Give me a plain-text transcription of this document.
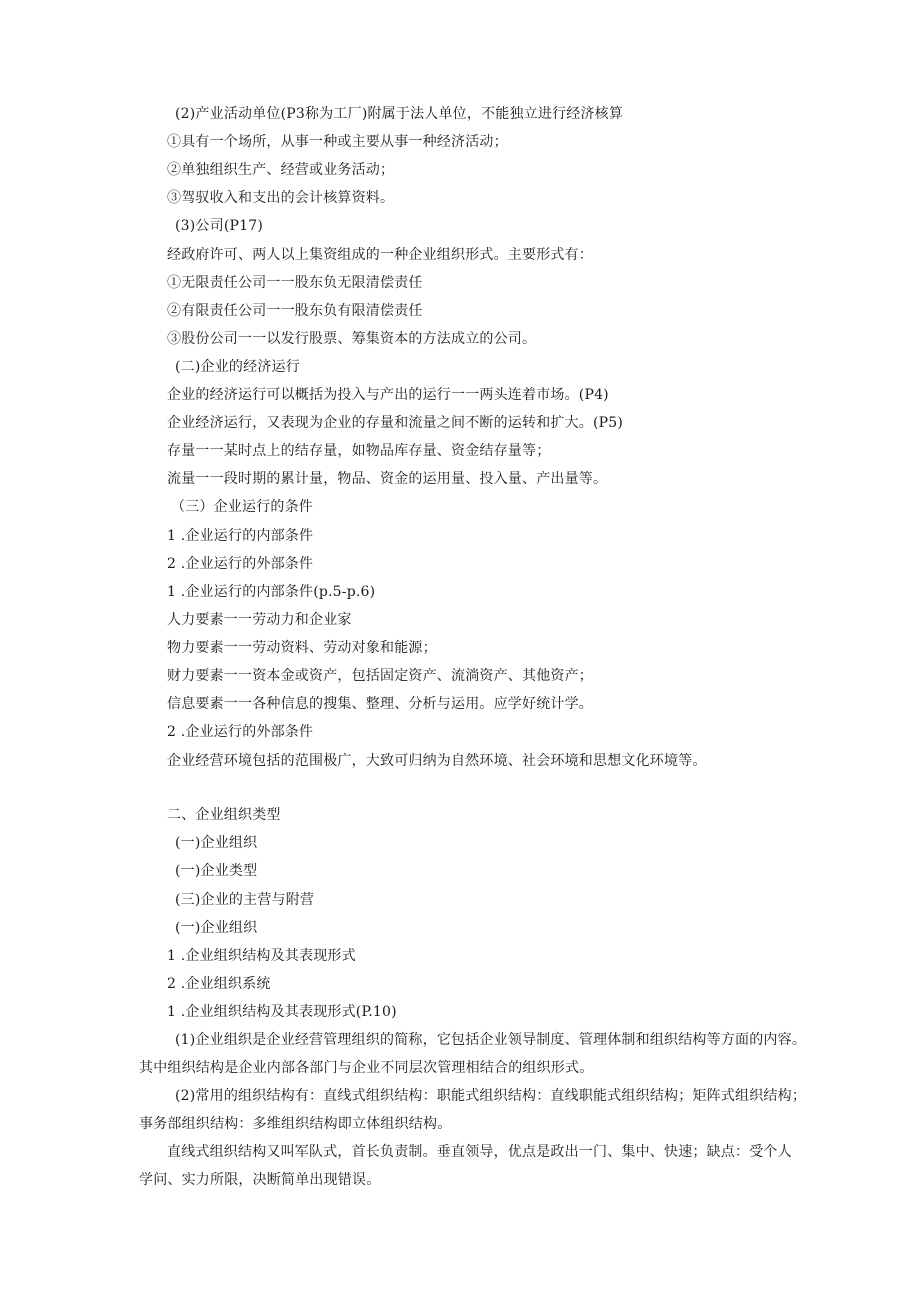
(2)产业活动单位(P3称为工厂)附属于法人单位，不能独立进行经济核算
①具有一个场所，从事一种或主要从事一种经济活动；
②单独组织生产、经营或业务活动；
③驾驭收入和支出的会计核算资料。
(3)公司(P17)
经政府许可、两人以上集资组成的一种企业组织形式。主要形式有：
①无限责任公司一一股东负无限清偿责任
②有限责任公司一一股东负有限清偿责任
③股份公司一一以发行股票、筹集资本的方法成立的公司。
(二)企业的经济运行
企业的经济运行可以概括为投入与产出的运行一一两头连着市场。(P4)
企业经济运行，又表现为企业的存量和流量之间不断的运转和扩大。(P5)
存量一一某时点上的结存量，如物品库存量、资金结存量等；
流量一一段时期的累计量，物品、资金的运用量、投入量、产出量等。
（三）企业运行的条件
1 .企业运行的内部条件
2 .企业运行的外部条件
1 .企业运行的内部条件(p.5-p.6)
人力要素一一劳动力和企业家
物力要素一一劳动资料、劳动对象和能源；
财力要素一一资本金或资产，包括固定资产、流淌资产、其他资产；
信息要素一一各种信息的搜集、整理、分析与运用。应学好统计学。
2 .企业运行的外部条件
企业经营环境包括的范围极广，大致可归纳为自然环境、社会环境和思想文化环境等。
二、企业组织类型
(一)企业组织
(一)企业类型
(三)企业的主营与附营
(一)企业组织
1 .企业组织结构及其表现形式
2 .企业组织系统
1 .企业组织结构及其表现形式(P.10)
(1)企业组织是企业经营管理组织的简称，它包括企业领导制度、管理体制和组织结构等方面的内容。
其中组织结构是企业内部各部门与企业不同层次管理相结合的组织形式。
(2)常用的组织结构有：直线式组织结构：职能式组织结构：直线职能式组织结构；矩阵式组织结构；
事务部组织结构：多维组织结构即立体组织结构。
直线式组织结构又叫军队式，首长负责制。垂直领导，优点是政出一门、集中、快速；缺点：受个人
学问、实力所限，决断简单出现错误。
